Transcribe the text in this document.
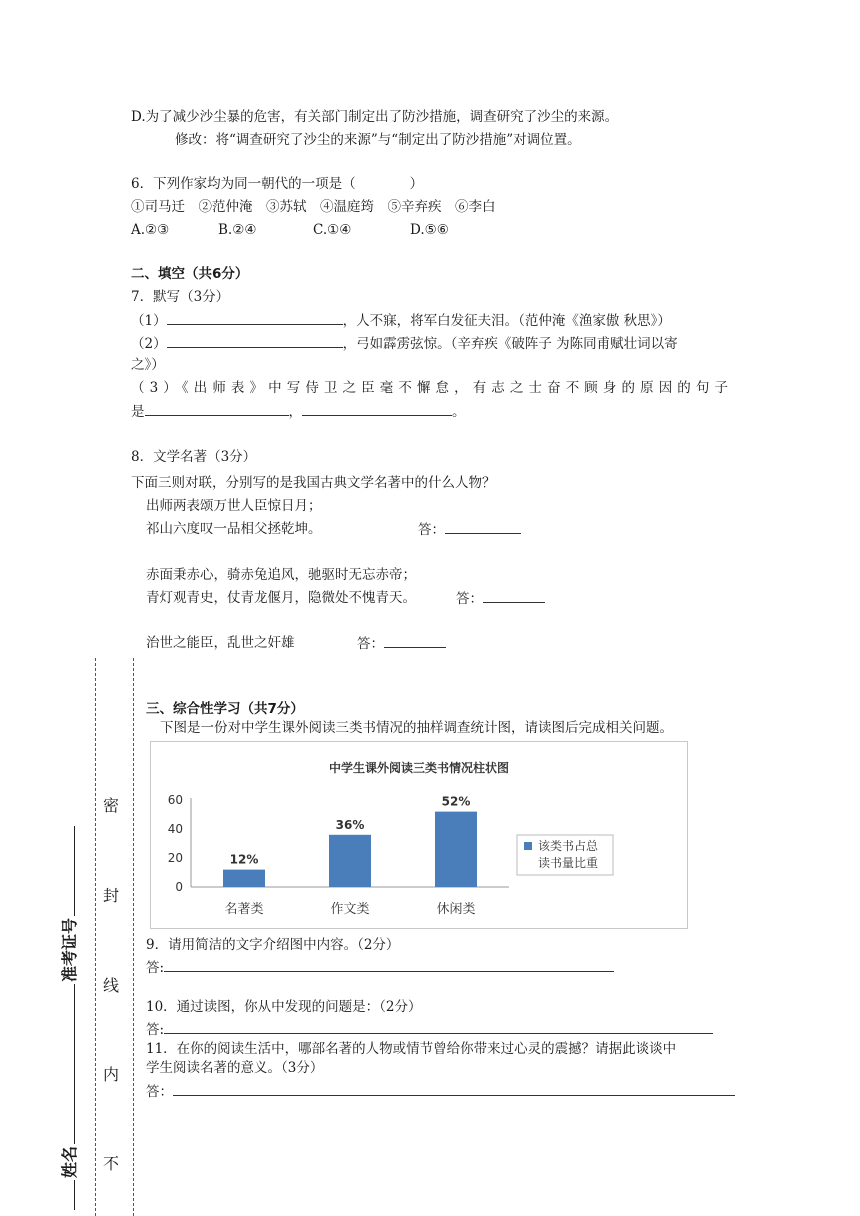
D.为了减少沙尘暴的危害，有关部门制定出了防沙措施，调查研究了沙尘的来源。
修改：将“调查研究了沙尘的来源”与“制定出了防沙措施”对调位置。
6．下列作家均为同一朝代的一项是（　　　　）
①司马迁　②范仲淹　③苏轼　④温庭筠　⑤辛弃疾　⑥李白
A.②③	B.②④	C.①④	D.⑤⑥
二、填空（共6分）
7．默写（3分）
（1）	，人不寐，将军白发征夫泪。（范仲淹《渔家傲 秋思》）
（2）	，弓如霹雳弦惊。（辛弃疾《破阵子 为陈同甫赋壮词以寄
之》）
（3）《出师表》中写侍卫之臣毫不懈怠，有志之士奋不顾身的原因的句子
是	，	。
8．文学名著（3分）
下面三则对联，分别写的是我国古典文学名著中的什么人物？
出师两表颂万世人臣惊日月；
祁山六度叹一品相父拯乾坤。	答：
赤面秉赤心，骑赤兔追风，驰驱时无忘赤帝；
青灯观青史，仗青龙偃月，隐微处不愧青天。	答：
治世之能臣，乱世之奸雄	答：
密
封
线
内
不
姓名准考证号
三、综合性学习（共7分）
下图是一份对中学生课外阅读三类书情况的抽样调查统计图，请读图后完成相关问题。
中学生课外阅读三类书情况柱状图
0
20
40
60
12%
名著类
36%
作文类
52%
休闲类
该类书占总
读书量比重
9．请用简洁的文字介绍图中内容。（2分）
答:
10．通过读图，你从中发现的问题是：（2分）
答:
11．在你的阅读生活中，哪部名著的人物或情节曾给你带来过心灵的震撼？请据此谈谈中
学生阅读名著的意义。（3分）
答：
